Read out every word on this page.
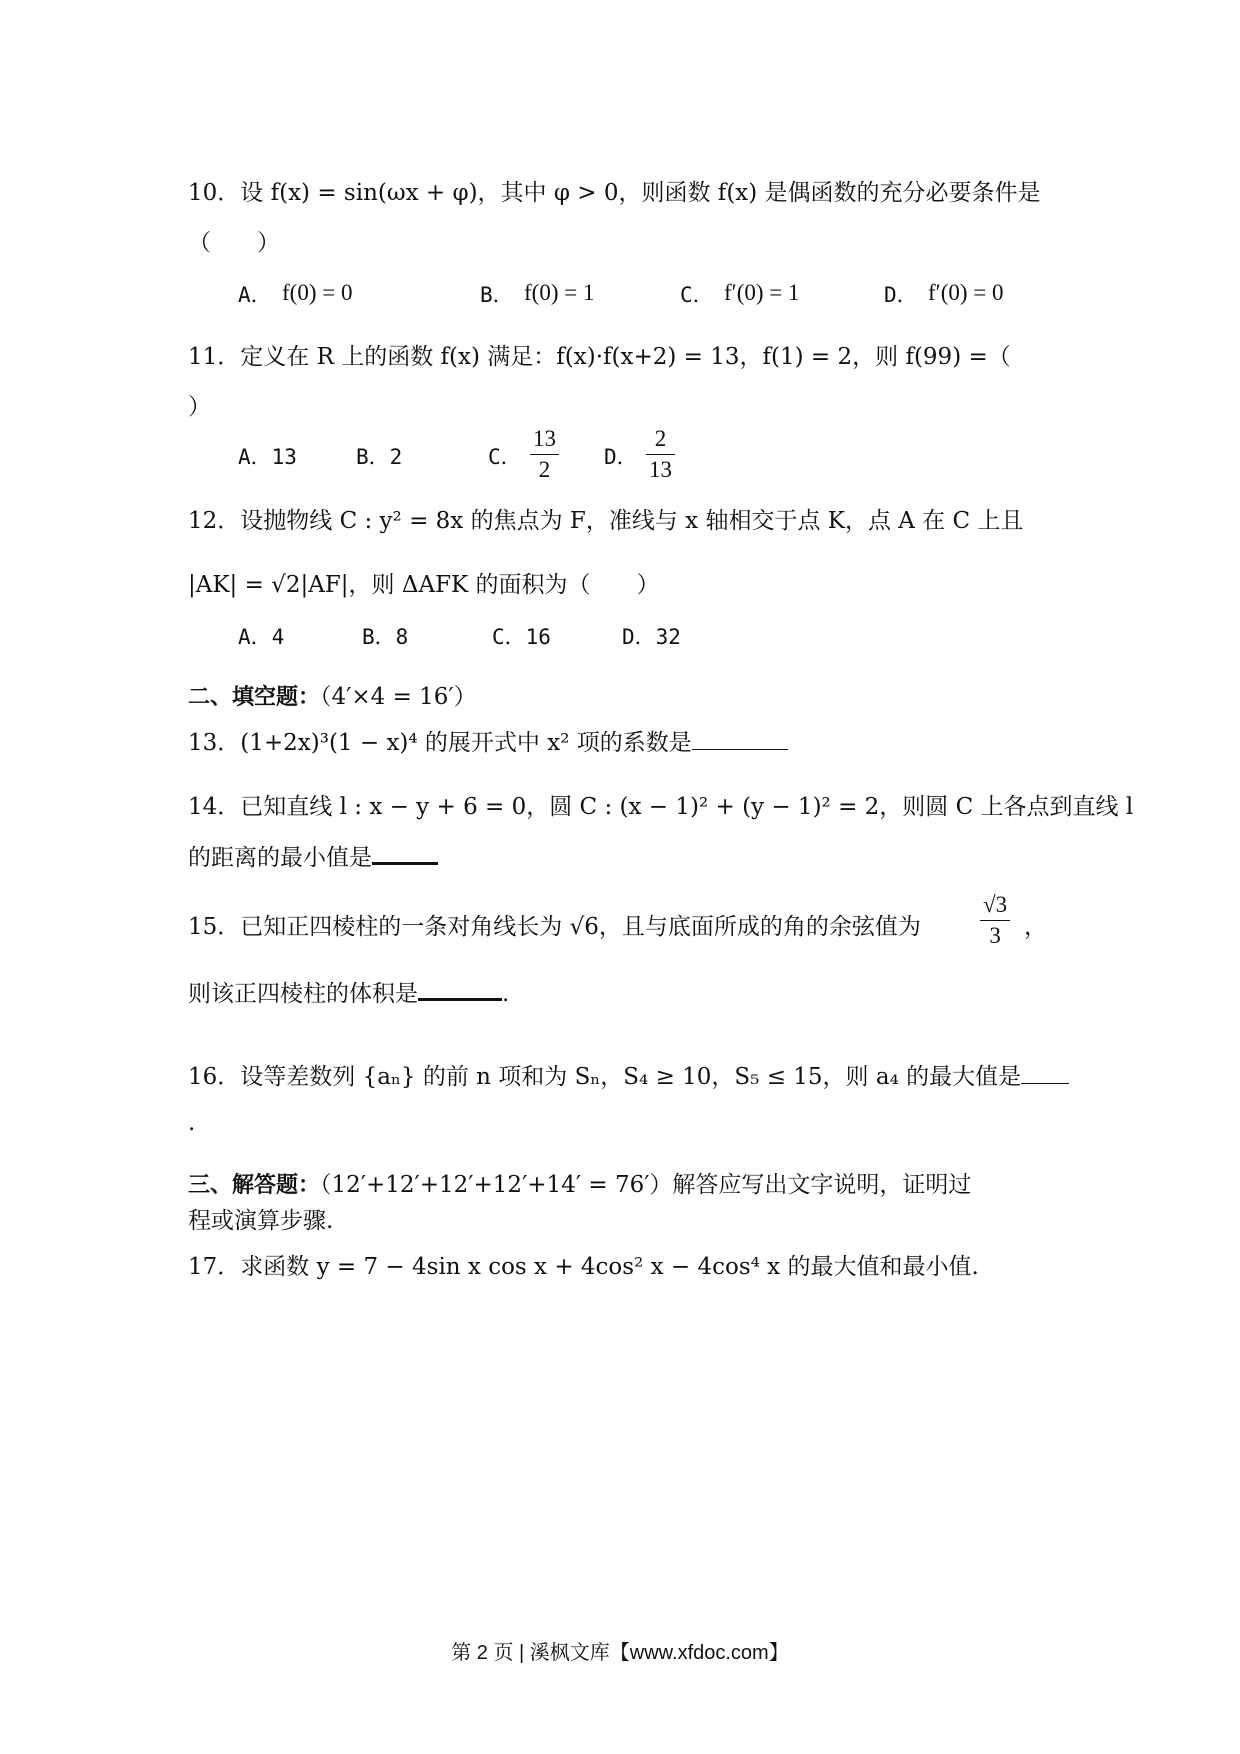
10．设 f(x) = sin(ωx + φ)，其中 φ > 0，则函数 f(x) 是偶函数的充分必要条件是
（　　）
A． f(0) = 0	B． f(0) = 1	C． f′(0) = 1	D． f′(0) = 0
11．定义在 R 上的函数 f(x) 满足：f(x)·f(x+2) = 13，f(1) = 2，则 f(99) =（
）
A．13	B．2	C． $\frac{13}{2}$ D． $\frac{2}{13}$
12．设抛物线 C : y² = 8x 的焦点为 F，准线与 x 轴相交于点 K，点 A 在 C 上且
|AK| = √2|AF|，则 ΔAFK 的面积为（　　）
A．4	B．8	C．16	D．32
二、填空题：（4′×4 = 16′）
13．(1+2x)³(1 − x)⁴ 的展开式中 x² 项的系数是
14．已知直线 l : x − y + 6 = 0，圆 C : (x − 1)² + (y − 1)² = 2，则圆 C 上各点到直线 l
的距离的最小值是
15．已知正四棱柱的一条对角线长为 √6，且与底面所成的角的余弦值为	$\frac{√3}{3}$ ，
则该正四棱柱的体积是	.
16．设等差数列 {aₙ} 的前 n 项和为 Sₙ，S₄ ≥ 10，S₅ ≤ 15，则 a₄ 的最大值是
.
三、解答题：（12′+12′+12′+12′+14′ = 76′）解答应写出文字说明，证明过
程或演算步骤.
17．求函数 y = 7 − 4sin x cos x + 4cos² x − 4cos⁴ x 的最大值和最小值.
第 2 页 | 溪枫文库【www.xfdoc.com】
